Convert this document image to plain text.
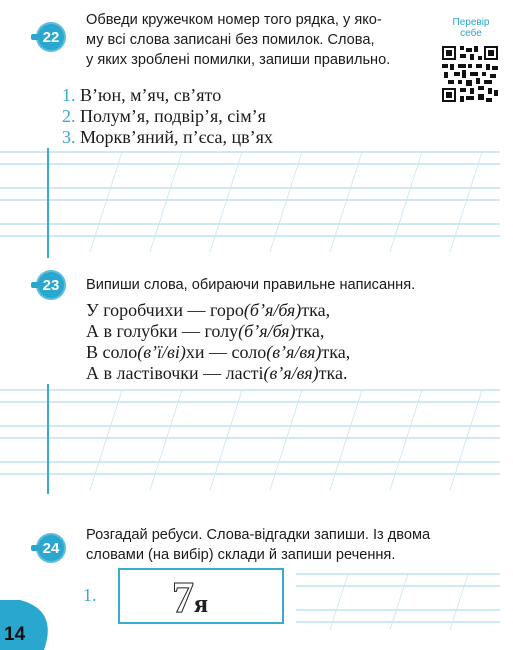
22
Обведи кружечком номер того рядка, у яко-
му всі слова записані без помилок. Слова,
у яких зроблені помилки, запиши правильно.
Перевір
себе
1. В’юн, м’яч, св’ято
2. Полум’я, подвір’я, сім’я
3. Морквʼяний, п’єса, цв’ях
23	Випиши слова, обираючи правильне написання.
У горобчихи — горо(б’я/бя)тка,
А в голубки — голу(б’я/бя)тка,
В соло(в’ї/ві)хи — соло(в’я/вя)тка,
А в ластівочки — ласті(в’я/вя)тка.
24
Розгадай ребуси. Слова-відгадки запиши. Із двома
словами (на вибір) склади й запиши речення.
1. 7я
14
